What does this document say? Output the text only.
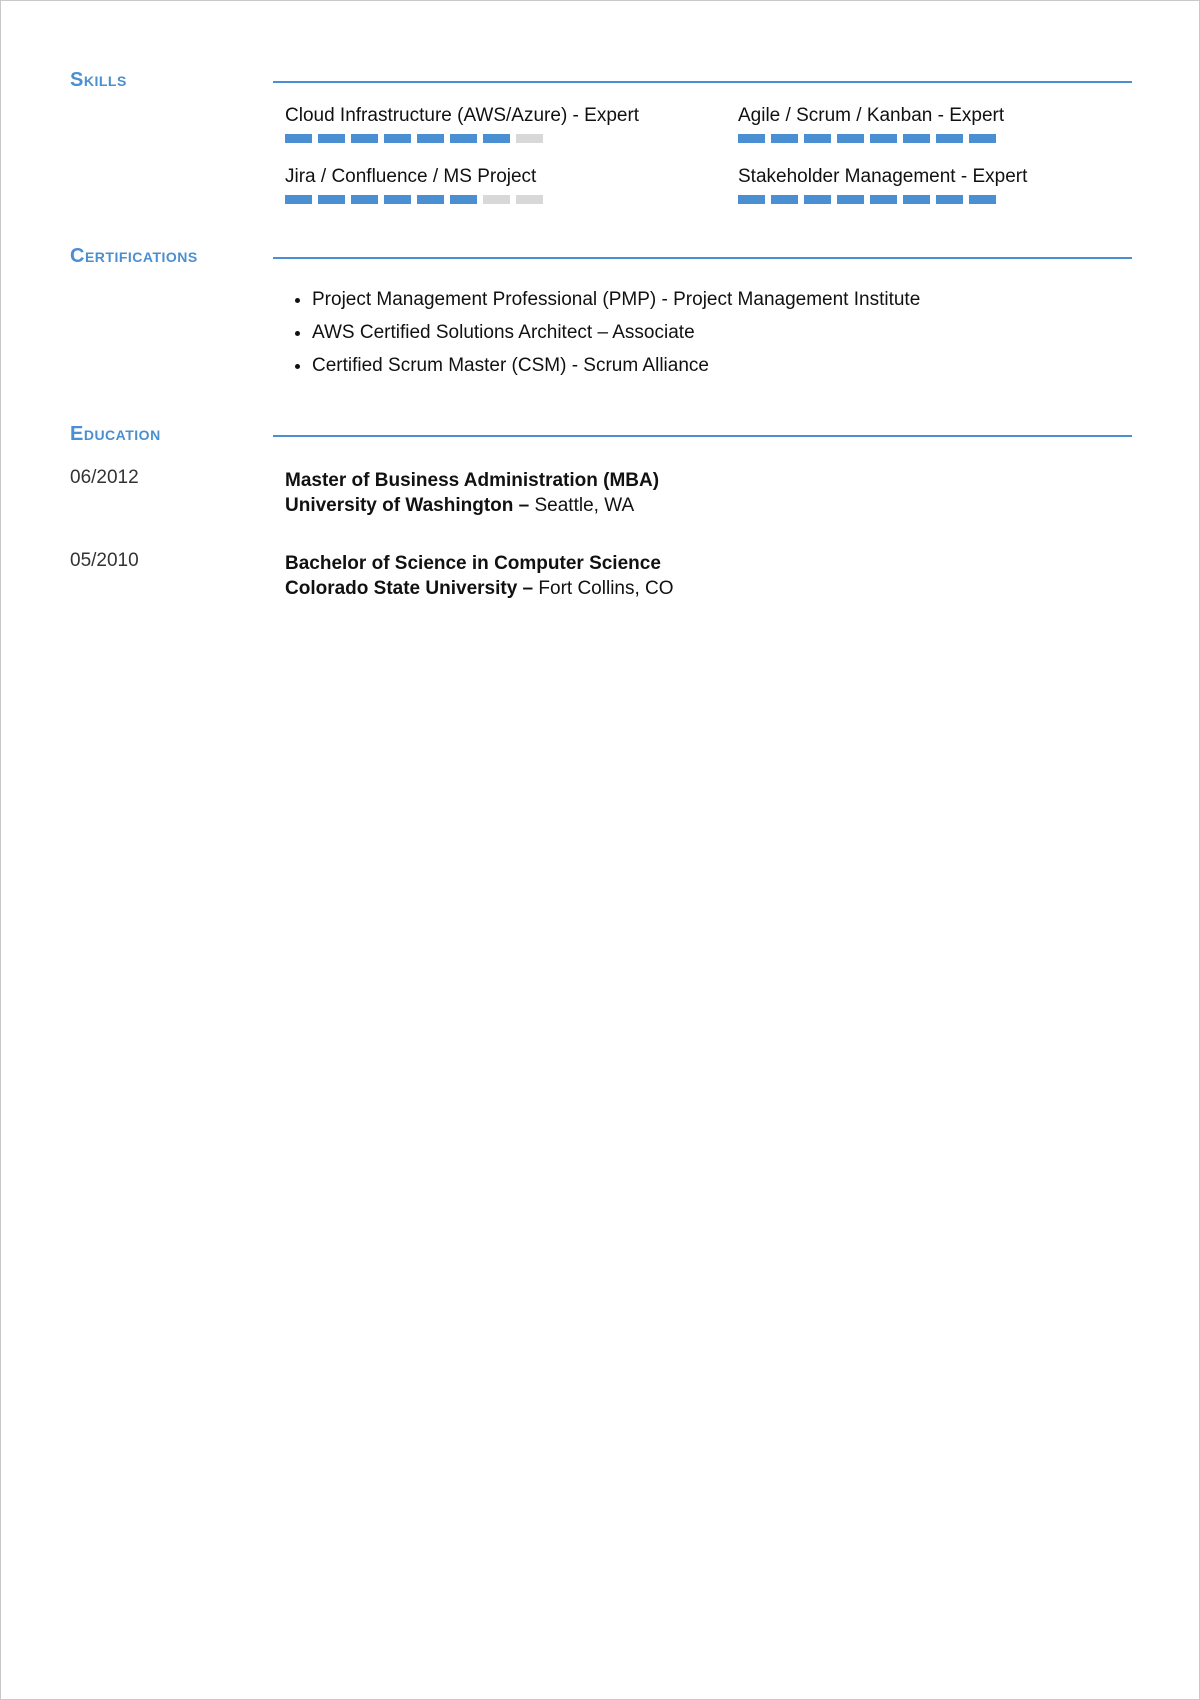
Skills
Cloud Infrastructure (AWS/Azure) - Expert	Agile / Scrum / Kanban - Expert
Jira / Confluence / MS Project	Stakeholder Management - Expert
Certifications
• Project Management Professional (PMP) - Project Management Institute
• AWS Certified Solutions Architect – Associate
• Certified Scrum Master (CSM) - Scrum Alliance
Education
06/2012	Master of Business Administration (MBA)
University of Washington – Seattle, WA
05/2010	Bachelor of Science in Computer Science
Colorado State University – Fort Collins, CO
